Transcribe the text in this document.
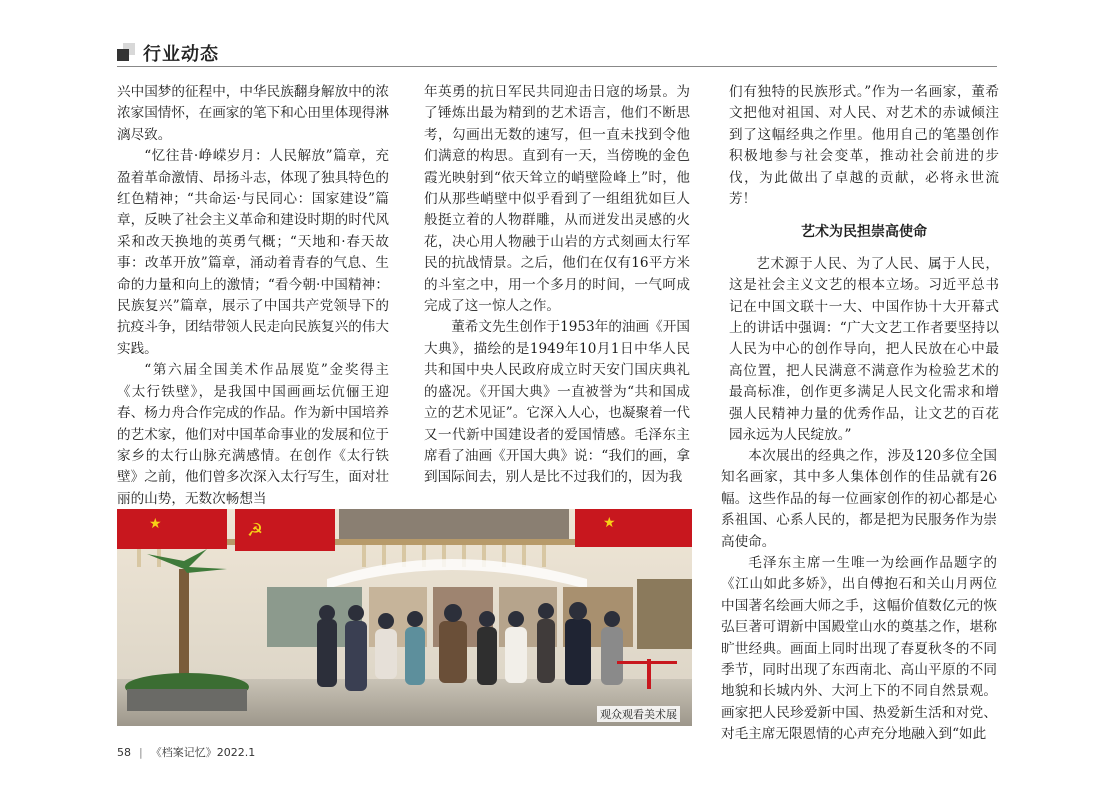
行业动态

兴中国梦的征程中，中华民族翻身解放中的浓浓家国情怀，在画家的笔下和心田里体现得淋漓尽致。

“忆往昔·峥嵘岁月：人民解放”篇章，充盈着革命激情、昂扬斗志，体现了独具特色的红色精神；“共命运·与民同心：国家建设”篇章，反映了社会主义革命和建设时期的时代风采和改天换地的英勇气概；“天地和·春天故事：改革开放”篇章，涌动着青春的气息、生命的力量和向上的激情；“看今朝·中国精神：民族复兴”篇章，展示了中国共产党领导下的抗疫斗争，团结带领人民走向民族复兴的伟大实践。

“第六届全国美术作品展览”金奖得主《太行铁壁》，是我国中国画画坛伉俪王迎春、杨力舟合作完成的作品。作为新中国培养的艺术家，他们对中国革命事业的发展和位于家乡的太行山脉充满感情。在创作《太行铁壁》之前，他们曾多次深入太行写生，面对壮丽的山势，无数次畅想当

年英勇的抗日军民共同迎击日寇的场景。为了锤炼出最为精到的艺术语言，他们不断思考，勾画出无数的速写，但一直未找到令他们满意的构思。直到有一天，当傍晚的金色霞光映射到“依天耸立的峭壁险峰上”时，他们从那些峭壁中似乎看到了一组组犹如巨人般挺立着的人物群雕，从而迸发出灵感的火花，决心用人物融于山岩的方式刻画太行军民的抗战情景。之后，他们在仅有16平方米的斗室之中，用一个多月的时间，一气呵成完成了这一惊人之作。

董希文先生创作于1953年的油画《开国大典》，描绘的是1949年10月1日中华人民共和国中央人民政府成立时天安门国庆典礼的盛况。《开国大典》一直被誉为“共和国成立的艺术见证”。它深入人心，也凝聚着一代又一代新中国建设者的爱国情感。毛泽东主席看了油画《开国大典》说：“我们的画，拿到国际间去，别人是比不过我们的，因为我

们有独特的民族形式。”作为一名画家，董希文把他对祖国、对人民、对艺术的赤诚倾注到了这幅经典之作里。他用自己的笔墨创作积极地参与社会变革，推动社会前进的步伐，为此做出了卓越的贡献，必将永世流芳！

艺术为民担崇高使命

艺术源于人民、为了人民、属于人民，这是社会主义文艺的根本立场。习近平总书记在中国文联十一大、中国作协十大开幕式上的讲话中强调：“广大文艺工作者要坚持以人民为中心的创作导向，把人民放在心中最高位置，把人民满意不满意作为检验艺术的最高标准，创作更多满足人民文化需求和增强人民精神力量的优秀作品，让文艺的百花园永远为人民绽放。”

本次展出的经典之作，涉及120多位全国知名画家，其中多人集体创作的佳品就有26幅。这些作品的每一位画家创作的初心都是心系祖国、心系人民的，都是把为民服务作为崇高使命。

毛泽东主席一生唯一为绘画作品题字的《江山如此多娇》，出自傅抱石和关山月两位中国著名绘画大师之手，这幅价值数亿元的恢弘巨著可谓新中国殿堂山水的奠基之作，堪称旷世经典。画面上同时出现了春夏秋冬的不同季节，同时出现了东西南北、高山平原的不同地貌和长城内外、大河上下的不同自然景观。画家把人民珍爱新中国、热爱新生活和对党、对毛主席无限恩情的心声充分地融入到“如此

★	☭	★
观众观看美术展
58 | 《档案记忆》2022.1
